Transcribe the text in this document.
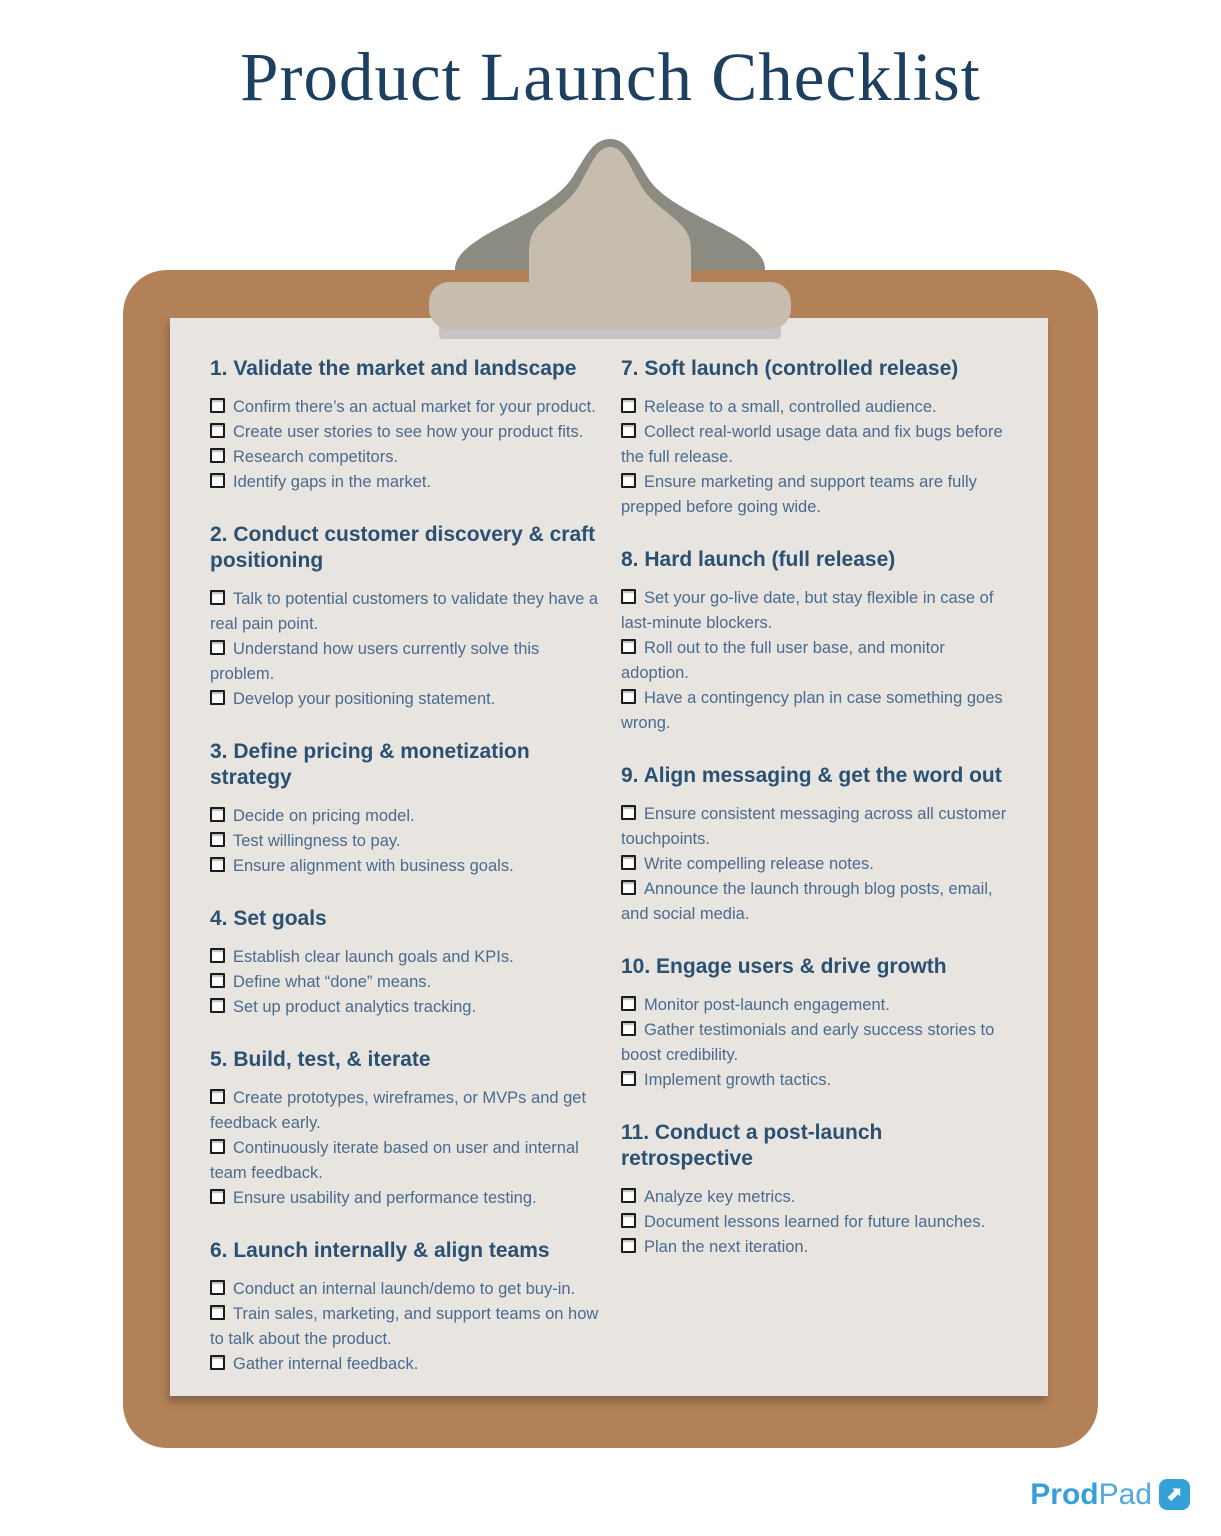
Product Launch Checklist
1. Validate the market and landscape

Confirm there’s an actual market for your product.

Create user stories to see how your product fits.

Research competitors.

Identify gaps in the market.

2. Conduct customer discovery & craft positioning

Talk to potential customers to validate they have a real pain point.

Understand how users currently solve this problem.

Develop your positioning statement.

3. Define pricing & monetization strategy

Decide on pricing model.

Test willingness to pay.

Ensure alignment with business goals.

4. Set goals

Establish clear launch goals and KPIs.

Define what “done” means.

Set up product analytics tracking.

5. Build, test, & iterate

Create prototypes, wireframes, or MVPs and get feedback early.

Continuously iterate based on user and internal team feedback.

Ensure usability and performance testing.

6. Launch internally & align teams

Conduct an internal launch/demo to get buy-in.

Train sales, marketing, and support teams on how to talk about the product.

Gather internal feedback.

7. Soft launch (controlled release)

Release to a small, controlled audience.

Collect real-world usage data and fix bugs before the full release.

Ensure marketing and support teams are fully prepped before going wide.

8. Hard launch (full release)

Set your go-live date, but stay flexible in case of last-minute blockers.

Roll out to the full user base, and monitor adoption.

Have a contingency plan in case something goes wrong.

9. Align messaging & get the word out

Ensure consistent messaging across all customer touchpoints.

Write compelling release notes.

Announce the launch through blog posts, email, and social media.

10. Engage users & drive growth

Monitor post-launch engagement.

Gather testimonials and early success stories to boost credibility.

Implement growth tactics.

11. Conduct a post-launch retrospective

Analyze key metrics.

Document lessons learned for future launches.

Plan the next iteration.

ProdPad ⬈
